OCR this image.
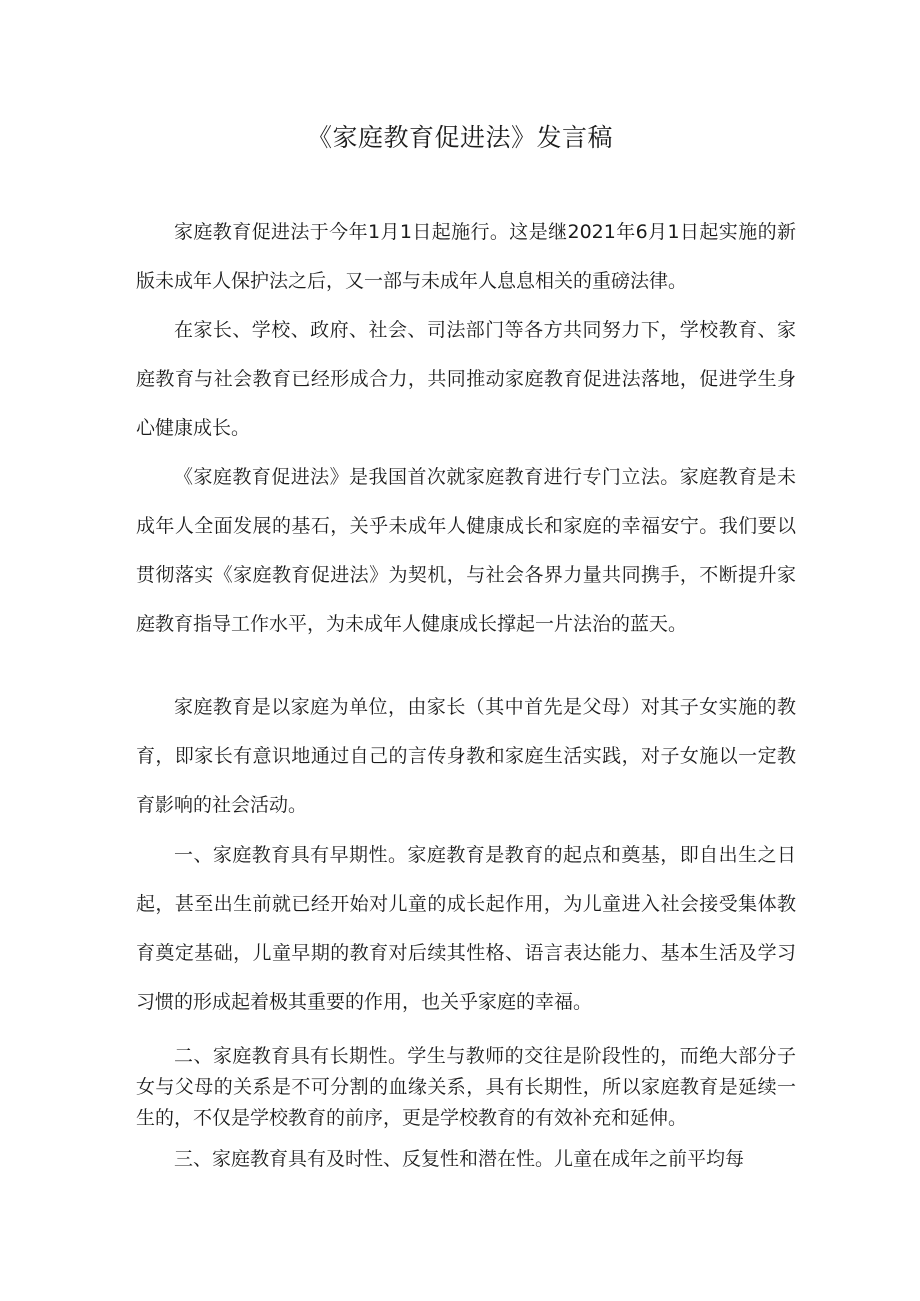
《家庭教育促进法》发言稿

家庭教育促进法于今年1月1日起施行。这是继2021年6月1日起实施的新版未成年人保护法之后，又一部与未成年人息息相关的重磅法律。

在家长、学校、政府、社会、司法部门等各方共同努力下，学校教育、家庭教育与社会教育已经形成合力，共同推动家庭教育促进法落地，促进学生身心健康成长。

《家庭教育促进法》是我国首次就家庭教育进行专门立法。家庭教育是未成年人全面发展的基石，关乎未成年人健康成长和家庭的幸福安宁。我们要以贯彻落实《家庭教育促进法》为契机，与社会各界力量共同携手，不断提升家庭教育指导工作水平，为未成年人健康成长撑起一片法治的蓝天。

家庭教育是以家庭为单位，由家长（其中首先是父母）对其子女实施的教育，即家长有意识地通过自己的言传身教和家庭生活实践，对子女施以一定教育影响的社会活动。

一、家庭教育具有早期性。家庭教育是教育的起点和奠基，即自出生之日起，甚至出生前就已经开始对儿童的成长起作用，为儿童进入社会接受集体教育奠定基础，儿童早期的教育对后续其性格、语言表达能力、基本生活及学习习惯的形成起着极其重要的作用，也关乎家庭的幸福。

二、家庭教育具有长期性。学生与教师的交往是阶段性的，而绝大部分子女与父母的关系是不可分割的血缘关系，具有长期性，所以家庭教育是延续一生的，不仅是学校教育的前序，更是学校教育的有效补充和延伸。

三、家庭教育具有及时性、反复性和潜在性。儿童在成年之前平均每
